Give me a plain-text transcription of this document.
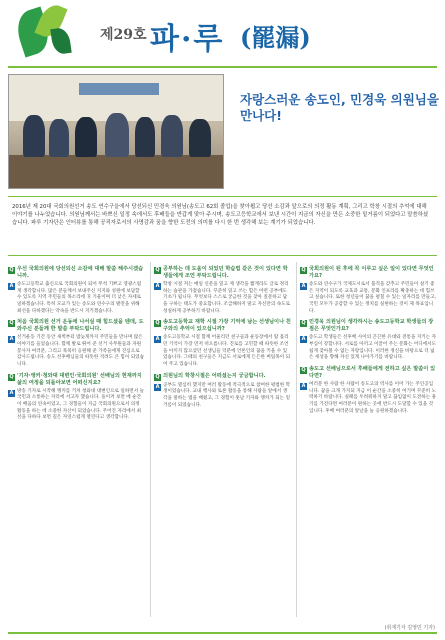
제29호 파·루 (罷漏)
자랑스러운 송도인, 민경욱 의원님을 만나다!
2016년 제 20대 국회의원선거 송도 연수구을에서 당선되신 민경욱 의원님(송도고 62회 졸업)을 찾아뵙고 당선 소감과 앞으로의 의정 활동 계획, 그리고 학창 시절의 추억에 대해 이야기를 나누었습니다. 의원님께서는 바쁘신 일정 속에서도 후배들을 반갑게 맞아 주시며, 송도고등학교에서 보낸 시간이 지금의 자신을 만든 소중한 밑거름이 되었다고 말씀하셨습니다. 파루 기자단은 인터뷰를 통해 공직자로서의 사명감과 꿈을 향한 도전의 의미를 다시 한 번 생각해 보는 계기가 되었습니다.
Q 우선 국회의원에 당선되신 소감에 대해 말씀 해주시겠습니까.
A 송도고등학교 출신으로 국회의원이 되어 무척 기쁘고 영광스럽게 생각합니다. 많은 분들께서 보내주신 지지와 성원에 보답할 수 있도록 지역 주민들의 목소리에 귀 기울이며 더 낮은 자세로 일하겠습니다. 특히 모교가 있는 송도와 연수구의 발전을 위해 최선을 다하겠다는 약속을 반드시 지키겠습니다.
Q 처음 국회의원 선거 운동에 나서실 때 힘드셨을 텐데, 도와주신 분들께 한 말씀 부탁드립니다.
A 선거운동 기간 동안 새벽부터 밤늦게까지 주민들을 만나며 많은 이야기를 들었습니다. 함께 발로 뛰어 준 선거 사무원들과 자원봉사자 여러분, 그리고 묵묵히 응원해 준 가족들에게 진심으로 감사드립니다. 송도 선후배님들의 따뜻한 격려도 큰 힘이 되었습니다.
Q '기자·앵커·청와대 대변인·국회의원' 선배님의 현재까지 삶의 여정을 되돌아보면 어떠신지요?
A 방송 기자로 시작해 앵커를 거쳐 청와대 대변인으로 일하면서 늘 국민과 소통하는 자리에 서고자 했습니다. 돌이켜 보면 매 순간이 배움의 연속이었고, 그 경험들이 지금 국회의원으로서 의정 활동을 하는 데 소중한 자산이 되었습니다. 주어진 자리에서 최선을 다하다 보면 길은 자연스럽게 열린다고 생각합니다.
Q 공부하는 데 도움이 되었던 학습법 같은 것이 있다면 학생들에게 조언 부탁드립니다.
A 학창 시절 저는 매일 신문을 읽고 제 생각을 짧게라도 글로 정리하는 습관을 가졌습니다. 꾸준히 읽고 쓰는 힘은 어떤 공부에도 기초가 됩니다. 무엇보다 스스로 궁금한 것을 찾아 질문하고 답을 구하는 태도가 중요합니다. 조급해하지 말고 자신만의 속도로 성실하게 공부하기 바랍니다.
Q 송도고등학교 재학 시절 가장 기억에 남는 선생님이나 친구와의 추억이 있으십니까?
A 송도고등학교 시절 함께 어울리던 친구들과 운동장에서 땀 흘리던 기억이 가장 먼저 떠오릅니다. 진로를 고민할 때 따뜻한 조언을 아끼지 않으셨던 선생님들 덕분에 언론인의 꿈을 키울 수 있었습니다. 그때의 친구들은 지금도 서로에게 든든한 버팀목이 되어 주고 있습니다.
Q 의원님의 학창시절은 어떠셨는지 궁금합니다.
A 공부도 열심히 했지만 여러 활동에 적극적으로 참여한 평범한 학생이었습니다. 교내 행사와 토론 활동을 통해 사람들 앞에서 생각을 말하는 법을 배웠고, 그 경험이 훗날 기자와 앵커가 되는 밑거름이 되었습니다.
Q 국회의원이 된 후에 꼭 이루고 싶은 일이 있다면 무엇인가요?
A 송도와 연수구가 국제도시로서 품격을 갖추고 주민들이 살기 좋은 지역이 되도록 교육과 교통, 문화 인프라를 확충하는 데 힘쓰고 싶습니다. 또한 청년들이 꿈을 펼칠 수 있는 일자리를 만들고, 국민 모두가 공감할 수 있는 정치를 실현하는 것이 제 목표입니다.
Q 민경욱 의원님이 생각하시는 송도고등학교 학생들의 장점은 무엇인가요?
A 송도고 학생들은 선후배 사이의 끈끈한 유대와 전통을 지키는 자부심이 강합니다. 서로를 아끼고 이끌어 주는 문화는 어디에서도 쉽게 찾아볼 수 없는 자랑입니다. 이러한 정신을 바탕으로 더 넓은 세상을 향해 자신 있게 나아가기를 바랍니다.
Q 송도고 선배님으로서 후배들에게 전하고 싶은 말씀이 있다면?
A 여러분 한 사람 한 사람이 송도고의 역사를 이어 가는 주인공입니다. 꿈을 크게 가지되 지금 이 순간을 소중히 여기며 꾸준히 노력하기 바랍니다. 실패를 두려워하지 말고 끊임없이 도전하는 용기를 가진다면 여러분이 원하는 곳에 반드시 도달할 수 있을 것입니다. 후배 여러분의 앞날을 늘 응원하겠습니다.
(취재기자 김영민 기자)
